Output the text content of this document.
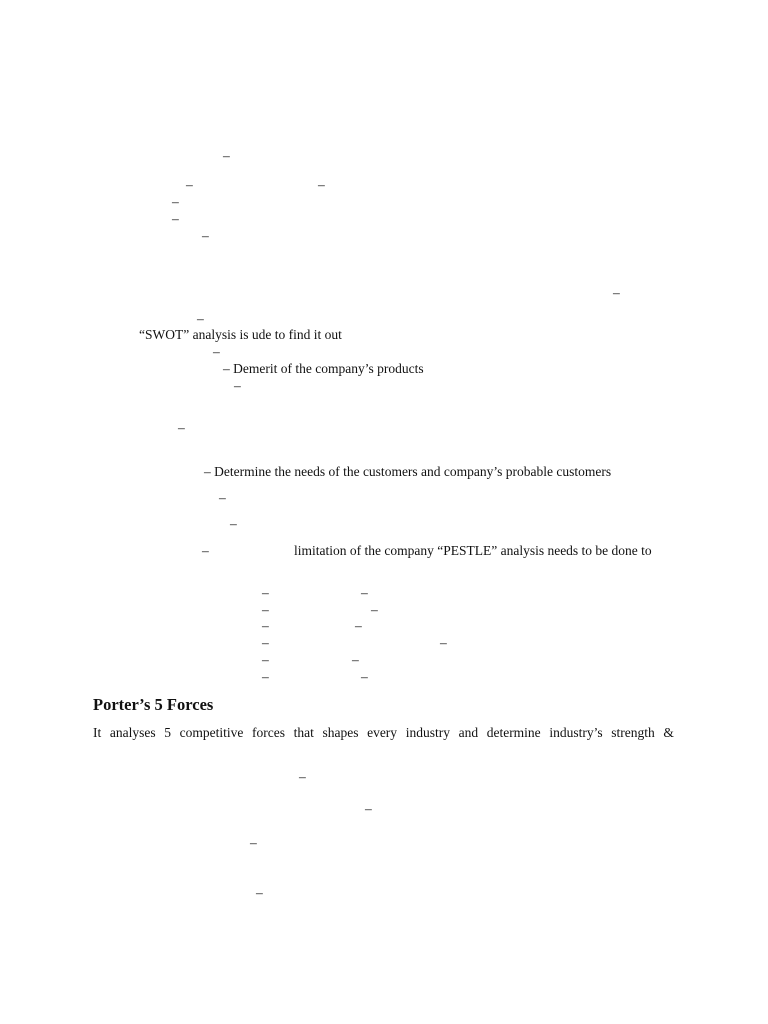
–
–	–
–
–
–
–
–
“SWOT” analysis is ude to find it out
–
– Demerit of the company’s products
–
–
– Determine the needs of the customers and company’s probable customers
–
–
–	limitation of the company “PESTLE” analysis needs to be done to
–	–
–	–
–	–
–	–
–	–
–	–
Porter’s 5 Forces
It analyses 5 competitive forces that shapes every industry and determine industry’s strength &
–
–
–
–
